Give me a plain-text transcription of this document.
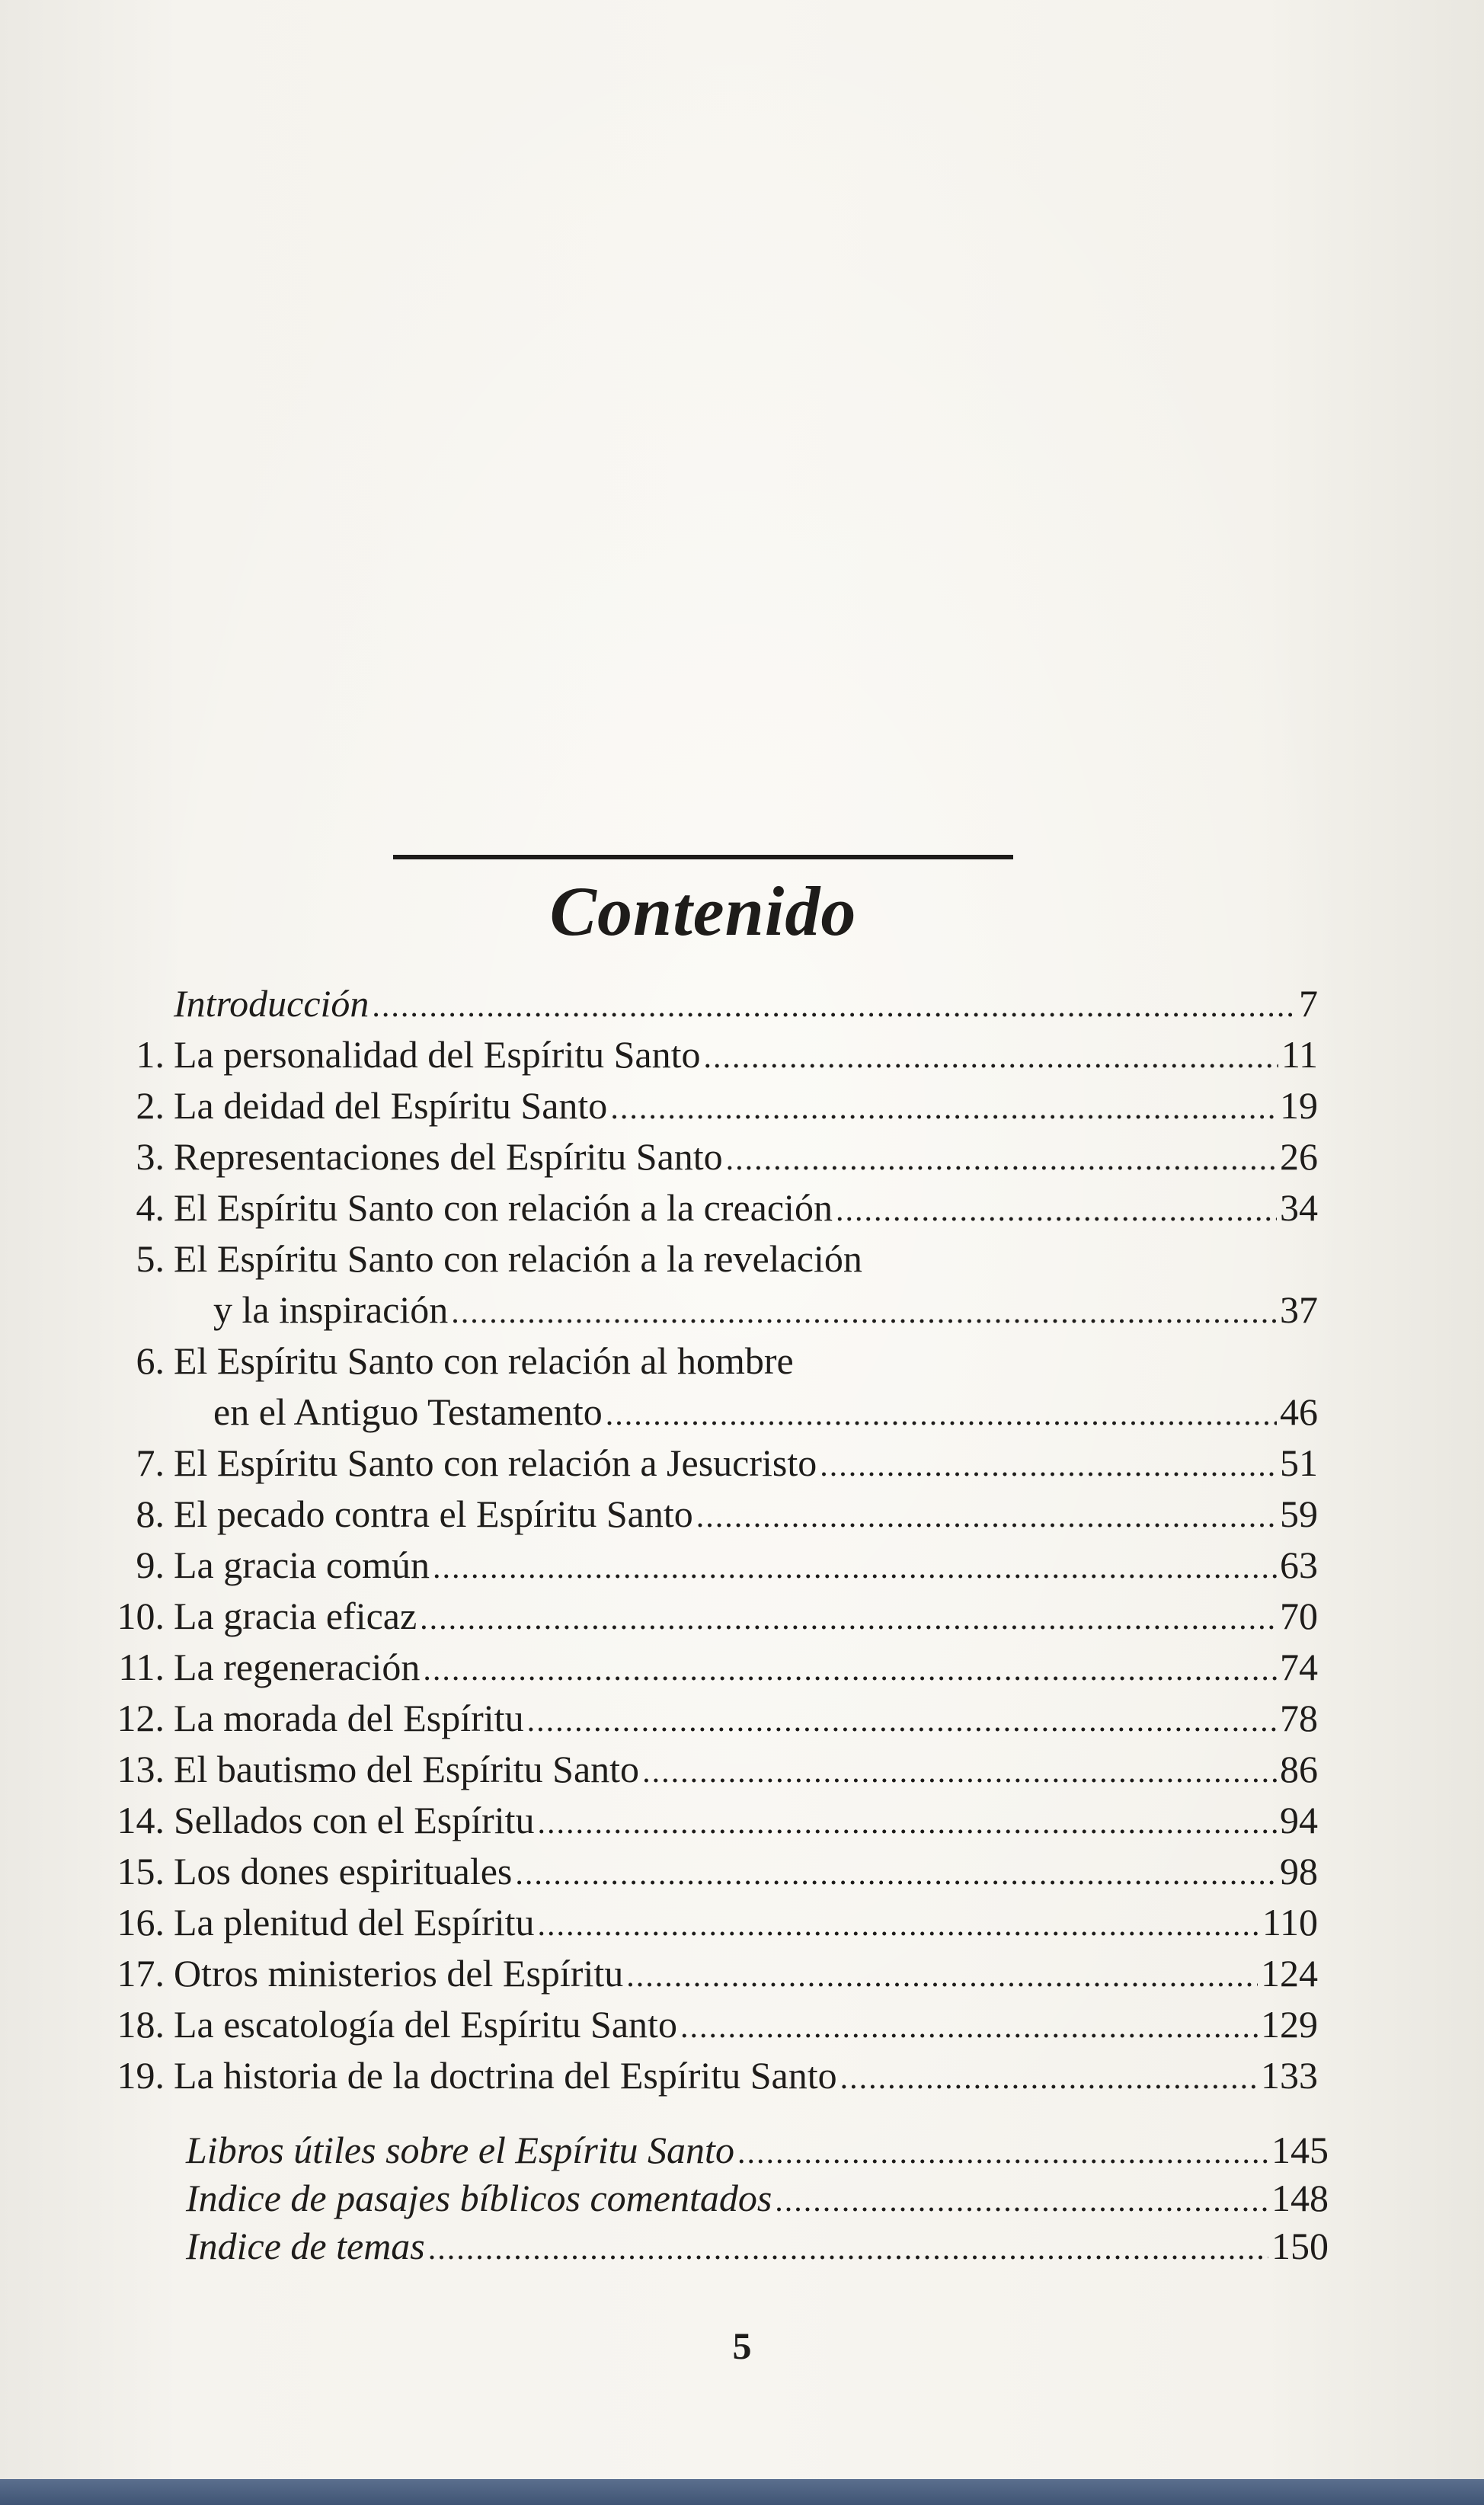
Contenido
Introducción .....	7
1. La personalidad del Espíritu Santo .....	11
2. La deidad del Espíritu Santo .....	19
3. Representaciones del Espíritu Santo .....	26
4. El Espíritu Santo con relación a la creación .....	34
5. El Espíritu Santo con relación a la revelación
y la inspiración .....	37
6. El Espíritu Santo con relación al hombre
en el Antiguo Testamento .....	46
7. El Espíritu Santo con relación a Jesucristo .....	51
8. El pecado contra el Espíritu Santo .....	59
9. La gracia común .....	63
10. La gracia eficaz .....	70
11. La regeneración .....	74
12. La morada del Espíritu .....	78
13. El bautismo del Espíritu Santo .....	86
14. Sellados con el Espíritu .....	94
15. Los dones espirituales .....	98
16. La plenitud del Espíritu .....	110
17. Otros ministerios del Espíritu .....	124
18. La escatología del Espíritu Santo .....	129
19. La historia de la doctrina del Espíritu Santo .....	133
Libros útiles sobre el Espíritu Santo .....	145
Indice de pasajes bíblicos comentados .....	148
Indice de temas .....	150
5
